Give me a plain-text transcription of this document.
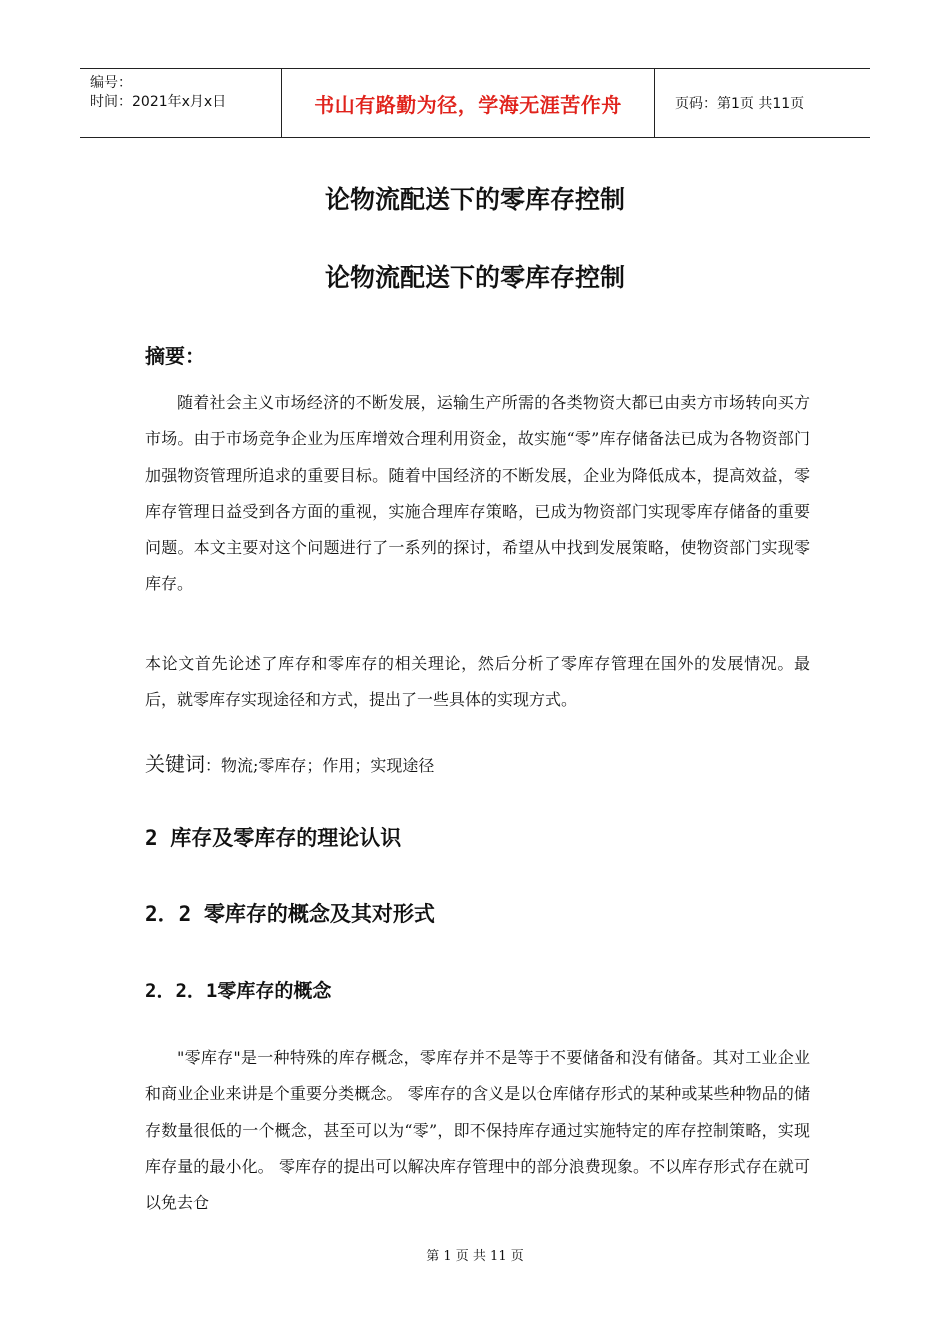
编号：
时间：2021年x月x日	书山有路勤为径，学海无涯苦作舟	页码：第1页 共11页
论物流配送下的零库存控制
论物流配送下的零库存控制
摘要：

随着社会主义市场经济的不断发展，运输生产所需的各类物资大都已由卖方市场转向买方市场。由于市场竞争企业为压库增效合理利用资金，故实施“零”库存储备法已成为各物资部门加强物资管理所追求的重要目标。随着中国经济的不断发展，企业为降低成本，提高效益，零库存管理日益受到各方面的重视，实施合理库存策略，已成为物资部门实现零库存储备的重要问题。本文主要对这个问题进行了一系列的探讨，希望从中找到发展策略，使物资部门实现零库存。

本论文首先论述了库存和零库存的相关理论，然后分析了零库存管理在国外的发展情况。最后，就零库存实现途径和方式，提出了一些具体的实现方式。

关键词：物流;零库存；作用；实现途径
2 库存及零库存的理论认识
2．2 零库存的概念及其对形式
2．2．1零库存的概念

"零库存"是一种特殊的库存概念，零库存并不是等于不要储备和没有储备。其对工业企业和商业企业来讲是个重要分类概念。 零库存的含义是以仓库储存形式的某种或某些种物品的储存数量很低的一个概念，甚至可以为“零”，即不保持库存通过实施特定的库存控制策略，实现库存量的最小化。 零库存的提出可以解决库存管理中的部分浪费现象。不以库存形式存在就可以免去仓

第 1 页 共 11 页
